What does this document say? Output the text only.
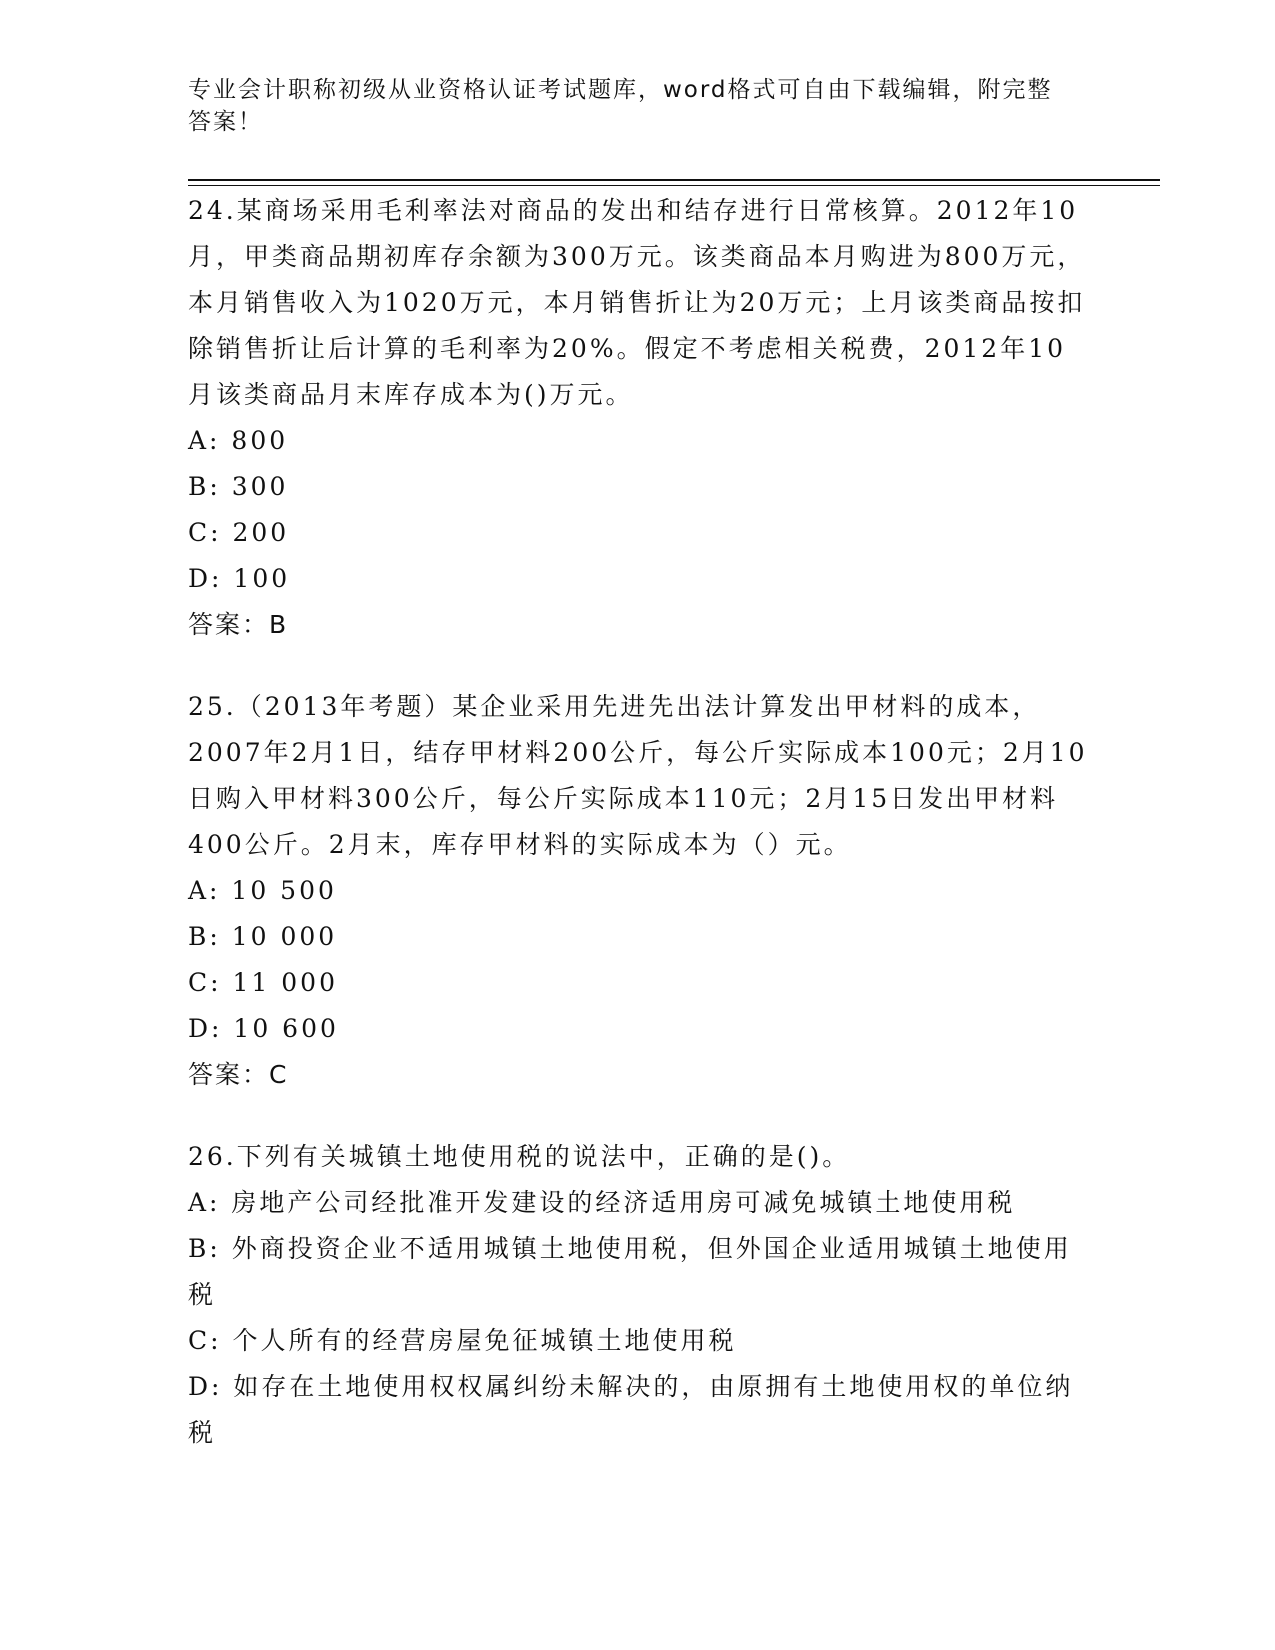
专业会计职称初级从业资格认证考试题库，word格式可自由下载编辑，附完整答案！

24.某商场采用毛利率法对商品的发出和结存进行日常核算。2012年10月，甲类商品期初库存余额为300万元。该类商品本月购进为800万元，本月销售收入为1020万元，本月销售折让为20万元；上月该类商品按扣除销售折让后计算的毛利率为20%。假定不考虑相关税费，2012年10月该类商品月末库存成本为()万元。

A: 800

B: 300

C: 200

D: 100

答案：B

25.（2013年考题）某企业采用先进先出法计算发出甲材料的成本，2007年2月1日，结存甲材料200公斤，每公斤实际成本100元；2月10日购入甲材料300公斤，每公斤实际成本110元；2月15日发出甲材料400公斤。2月末，库存甲材料的实际成本为（）元。

A: 10 500

B: 10 000

C: 11 000

D: 10 600

答案：C

26.下列有关城镇土地使用税的说法中，正确的是()。

A: 房地产公司经批准开发建设的经济适用房可减免城镇土地使用税

B: 外商投资企业不适用城镇土地使用税，但外国企业适用城镇土地使用税

C: 个人所有的经营房屋免征城镇土地使用税

D: 如存在土地使用权权属纠纷未解决的，由原拥有土地使用权的单位纳税
